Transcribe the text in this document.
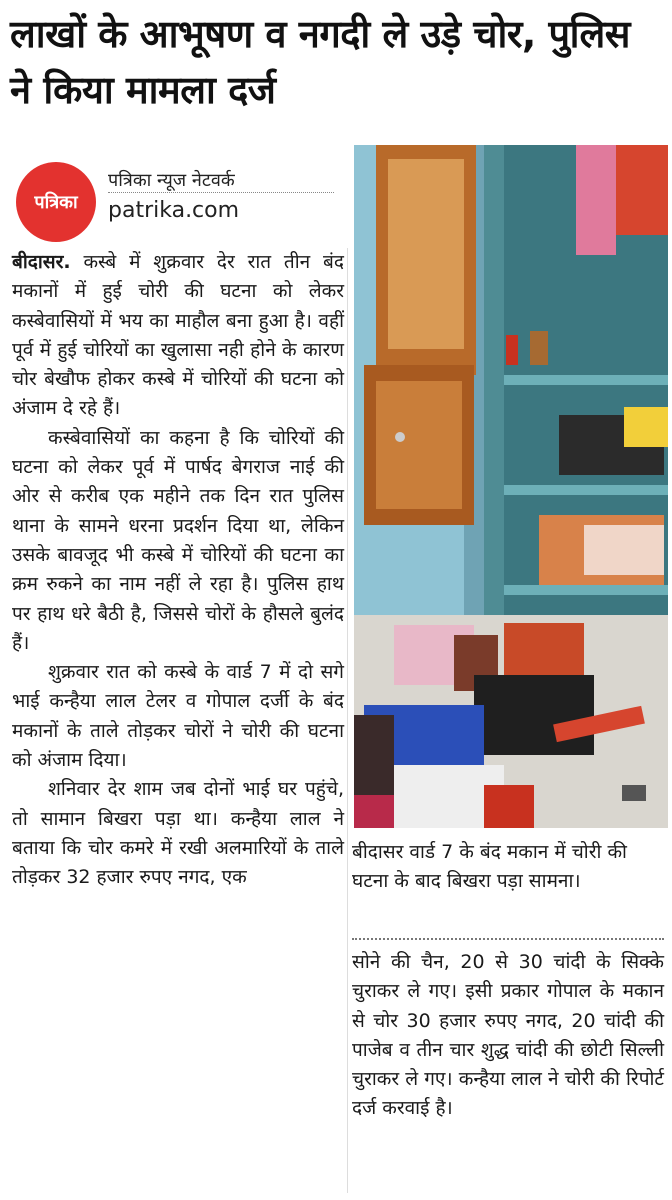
लाखों के आभूषण व नगदी ले उड़े चोर, पुलिस ने किया मामला दर्ज
पत्रिका
पत्रिका न्यूज नेटवर्क
patrika.com

बीदासर. कस्बे में शुक्रवार देर रात तीन बंद मकानों में हुई चोरी की घटना को लेकर कस्बेवासियों में भय का माहौल बना हुआ है। वहीं पूर्व में हुई चोरियों का खुलासा नही होने के कारण चोर बेखौफ होकर कस्बे में चोरियों की घटना को अंजाम दे रहे हैं।

कस्बेवासियों का कहना है कि चोरियों की घटना को लेकर पूर्व में पार्षद बेगराज नाई की ओर से करीब एक महीने तक दिन रात पुलिस थाना के सामने धरना प्रदर्शन दिया था, लेकिन उसके बावजूद भी कस्बे में चोरियों की घटना का क्रम रुकने का नाम नहीं ले रहा है। पुलिस हाथ पर हाथ धरे बैठी है, जिससे चोरों के हौसले बुलंद हैं।

शुक्रवार रात को कस्बे के वार्ड 7 में दो सगे भाई कन्हैया लाल टेलर व गोपाल दर्जी के बंद मकानों के ताले तोड़कर चोरों ने चोरी की घटना को अंजाम दिया।

शनिवार देर शाम जब दोनों भाई घर पहुंचे, तो सामान बिखरा पड़ा था। कन्हैया लाल ने बताया कि चोर कमरे में रखी अलमारियों के ताले तोड़कर 32 हजार रुपए नगद, एक

बीदासर वार्ड 7 के बंद मकान में चोरी की घटना के बाद बिखरा पड़ा सामना।

सोने की चैन, 20 से 30 चांदी के सिक्के चुराकर ले गए। इसी प्रकार गोपाल के मकान से चोर 30 हजार रुपए नगद, 20 चांदी की पाजेब व तीन चार शुद्ध चांदी की छोटी सिल्ली चुराकर ले गए। कन्हैया लाल ने चोरी की रिपोर्ट दर्ज करवाई है।
